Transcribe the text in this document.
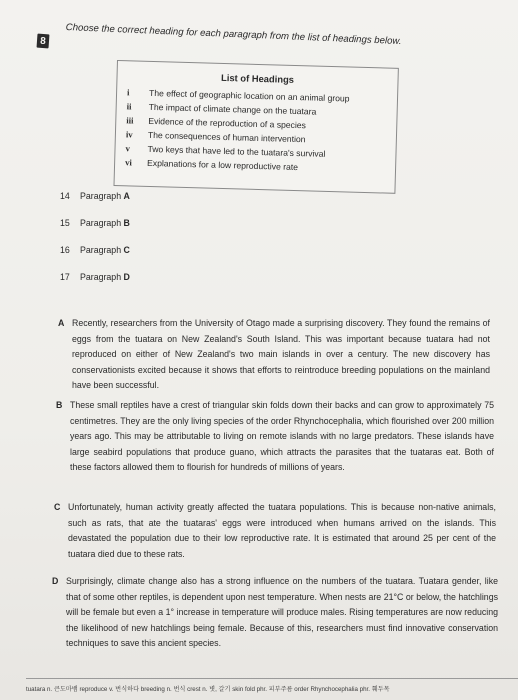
8	Choose the correct heading for each paragraph from the list of headings below.
List of Headings
i The effect of geographic location on an animal group
ii The impact of climate change on the tuatara
iii Evidence of the reproduction of a species
iv The consequences of human intervention
v Two keys that have led to the tuatara's survival
vi Explanations for a low reproductive rate
14 Paragraph A
15 Paragraph B
16 Paragraph C
17 Paragraph D
A Recently, researchers from the University of Otago made a surprising discovery. They found the remains of eggs from the tuatara on New Zealand's South Island. This was important because tuatara had not reproduced on either of New Zealand's two main islands in over a century. The new discovery has conservationists excited because it shows that efforts to reintroduce breeding populations on the mainland have been successful.

B These small reptiles have a crest of triangular skin folds down their backs and can grow to approximately 75 centimetres. They are the only living species of the order Rhynchocephalia, which flourished over 200 million years ago. This may be attributable to living on remote islands with no large predators. These islands have large seabird populations that produce guano, which attracts the parasites that the tuataras eat. Both of these factors allowed them to flourish for hundreds of millions of years.

C Unfortunately, human activity greatly affected the tuatara populations. This is because non-native animals, such as rats, that ate the tuataras' eggs were introduced when humans arrived on the islands. This devastated the population due to their low reproductive rate. It is estimated that around 25 per cent of the tuatara died due to these rats.

D Surprisingly, climate change also has a strong influence on the numbers of the tuatara. Tuatara gender, like that of some other reptiles, is dependent upon nest temperature. When nests are 21°C or below, the hatchlings will be female but even a 1° increase in temperature will produce males. Rising temperatures are now reducing the likelihood of new hatchlings being female. Because of this, researchers must find innovative conservation techniques to save this ancient species.

tuatara n. 큰도마뱀 reproduce v. 번식하다 breeding n. 번식 crest n. 볏, 갈기 skin fold phr. 피부주름 order Rhynchocephalia phr. 훼두목
